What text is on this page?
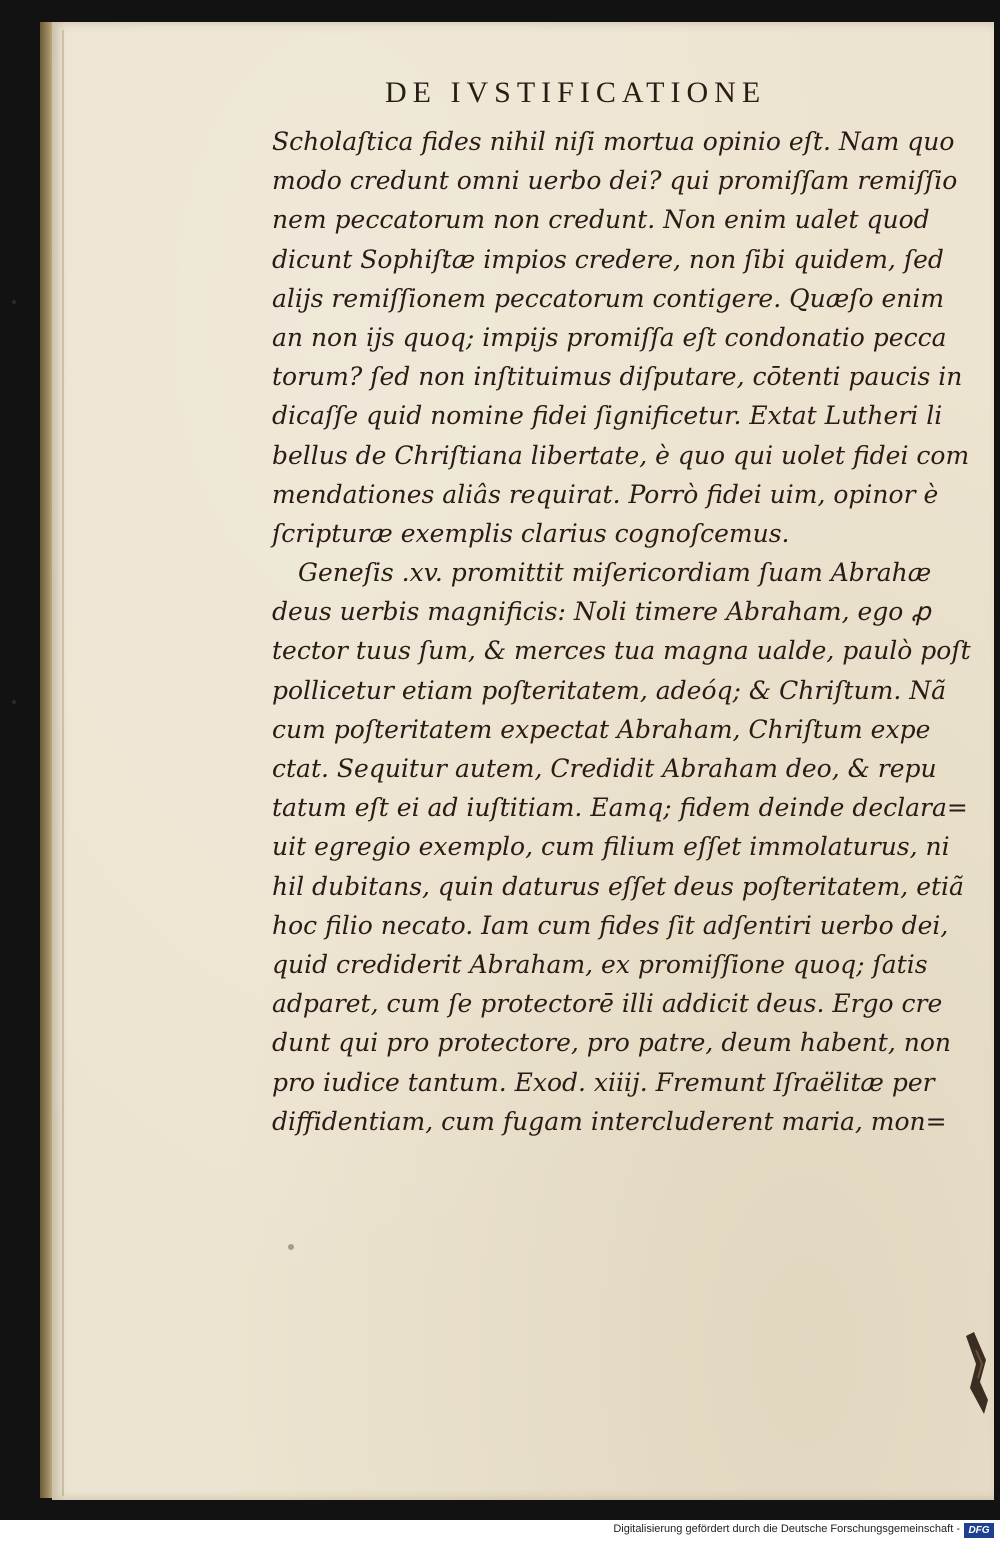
DE IVSTIFICATIONE
Scholaſtica fides nihil niſi mortua opinio eſt. Nam quo
modo credunt omni uerbo dei? qui promiſſam remiſſio
nem peccatorum non credunt. Non enim ualet quod
dicunt Sophiſtæ impios credere, non ſibi quidem, ſed
alijs remiſſionem peccatorum contigere. Quæſo enim
an non ijs quoq; impijs promiſſa eſt condonatio pecca
torum? ſed non inſtituimus diſputare, cōtenti paucis in
dicaſſe quid nomine fidei ſignificetur. Extat Lutheri li
bellus de Chriſtiana libertate, è quo qui uolet fidei com
mendationes aliâs requirat. Porrò fidei uim, opinor è
ſcripturæ exemplis clarius cognoſcemus.
Geneſis .xv. promittit miſericordiam ſuam Abrahæ
deus uerbis magnificis: Noli timere Abraham, ego ꝓ
tector tuus ſum, & merces tua magna ualde, paulò poſt
pollicetur etiam poſteritatem, adeóq; & Chriſtum. Nã
cum poſteritatem expectat Abraham, Chriſtum expe
ctat. Sequitur autem, Credidit Abraham deo, & repu
tatum eſt ei ad iuſtitiam. Eamq; fidem deinde declara=
uit egregio exemplo, cum filium eſſet immolaturus, ni
hil dubitans, quin daturus eſſet deus poſteritatem, etiã
hoc filio necato. Iam cum fides ſit adſentiri uerbo dei,
quid crediderit Abraham, ex promiſſione quoq; ſatis
adparet, cum ſe protectorē illi addicit deus. Ergo cre
dunt qui pro protectore, pro patre, deum habent, non
pro iudice tantum. Exod. xiiij. Fremunt Iſraëlitæ per
diffidentiam, cum fugam intercluderent maria, mon=
Digitalisierung gefördert durch die Deutsche Forschungsgemeinschaft - DFG
